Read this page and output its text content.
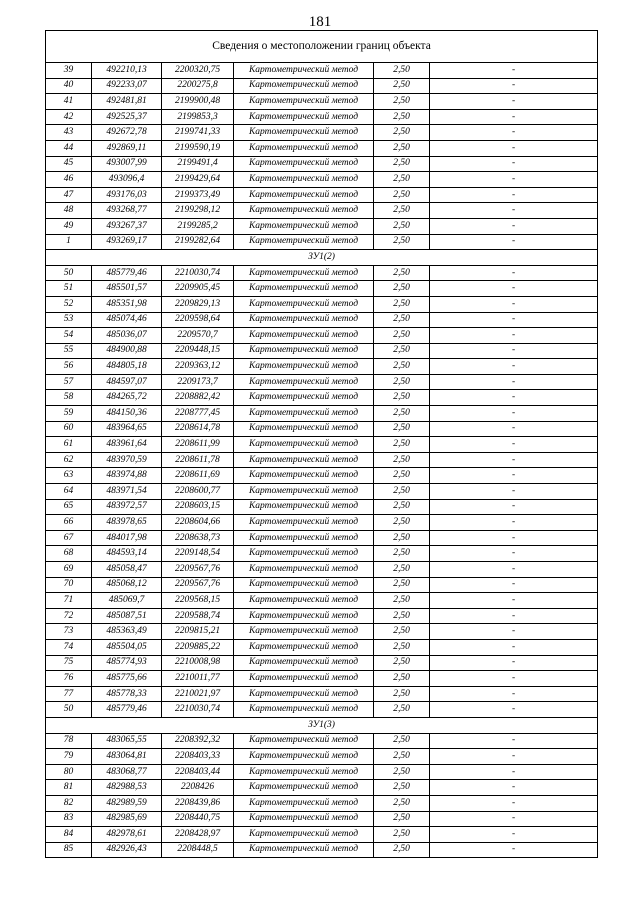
181
Сведения о местоположении границ объекта					
39	492210,13	2200320,75	Картометрический метод	2,50	-
40	492233,07	2200275,8	Картометрический метод	2,50	-
41	492481,81	2199900,48	Картометрический метод	2,50	-
42	492525,37	2199853,3	Картометрический метод	2,50	-
43	492672,78	2199741,33	Картометрический метод	2,50	-
44	492869,11	2199590,19	Картометрический метод	2,50	-
45	493007,99	2199491,4	Картометрический метод	2,50	-
46	493096,4	2199429,64	Картометрический метод	2,50	-
47	493176,03	2199373,49	Картометрический метод	2,50	-
48	493268,77	2199298,12	Картометрический метод	2,50	-
49	493267,37	2199285,2	Картометрический метод	2,50	-
1	493269,17	2199282,64	Картометрический метод	2,50	-
ЗУ1(2)					
50	485779,46	2210030,74	Картометрический метод	2,50	-
51	485501,57	2209905,45	Картометрический метод	2,50	-
52	485351,98	2209829,13	Картометрический метод	2,50	-
53	485074,46	2209598,64	Картометрический метод	2,50	-
54	485036,07	2209570,7	Картометрический метод	2,50	-
55	484900,88	2209448,15	Картометрический метод	2,50	-
56	484805,18	2209363,12	Картометрический метод	2,50	-
57	484597,07	2209173,7	Картометрический метод	2,50	-
58	484265,72	2208882,42	Картометрический метод	2,50	-
59	484150,36	2208777,45	Картометрический метод	2,50	-
60	483964,65	2208614,78	Картометрический метод	2,50	-
61	483961,64	2208611,99	Картометрический метод	2,50	-
62	483970,59	2208611,78	Картометрический метод	2,50	-
63	483974,88	2208611,69	Картометрический метод	2,50	-
64	483971,54	2208600,77	Картометрический метод	2,50	-
65	483972,57	2208603,15	Картометрический метод	2,50	-
66	483978,65	2208604,66	Картометрический метод	2,50	-
67	484017,98	2208638,73	Картометрический метод	2,50	-
68	484593,14	2209148,54	Картометрический метод	2,50	-
69	485058,47	2209567,76	Картометрический метод	2,50	-
70	485068,12	2209567,76	Картометрический метод	2,50	-
71	485069,7	2209568,15	Картометрический метод	2,50	-
72	485087,51	2209588,74	Картометрический метод	2,50	-
73	485363,49	2209815,21	Картометрический метод	2,50	-
74	485504,05	2209885,22	Картометрический метод	2,50	-
75	485774,93	2210008,98	Картометрический метод	2,50	-
76	485775,66	2210011,77	Картометрический метод	2,50	-
77	485778,33	2210021,97	Картометрический метод	2,50	-
50	485779,46	2210030,74	Картометрический метод	2,50	-
ЗУ1(3)					
78	483065,55	2208392,32	Картометрический метод	2,50	-
79	483064,81	2208403,33	Картометрический метод	2,50	-
80	483068,77	2208403,44	Картометрический метод	2,50	-
81	482988,53	2208426	Картометрический метод	2,50	-
82	482989,59	2208439,86	Картометрический метод	2,50	-
83	482985,69	2208440,75	Картометрический метод	2,50	-
84	482978,61	2208428,97	Картометрический метод	2,50	-
85	482926,43	2208448,5	Картометрический метод	2,50	-
